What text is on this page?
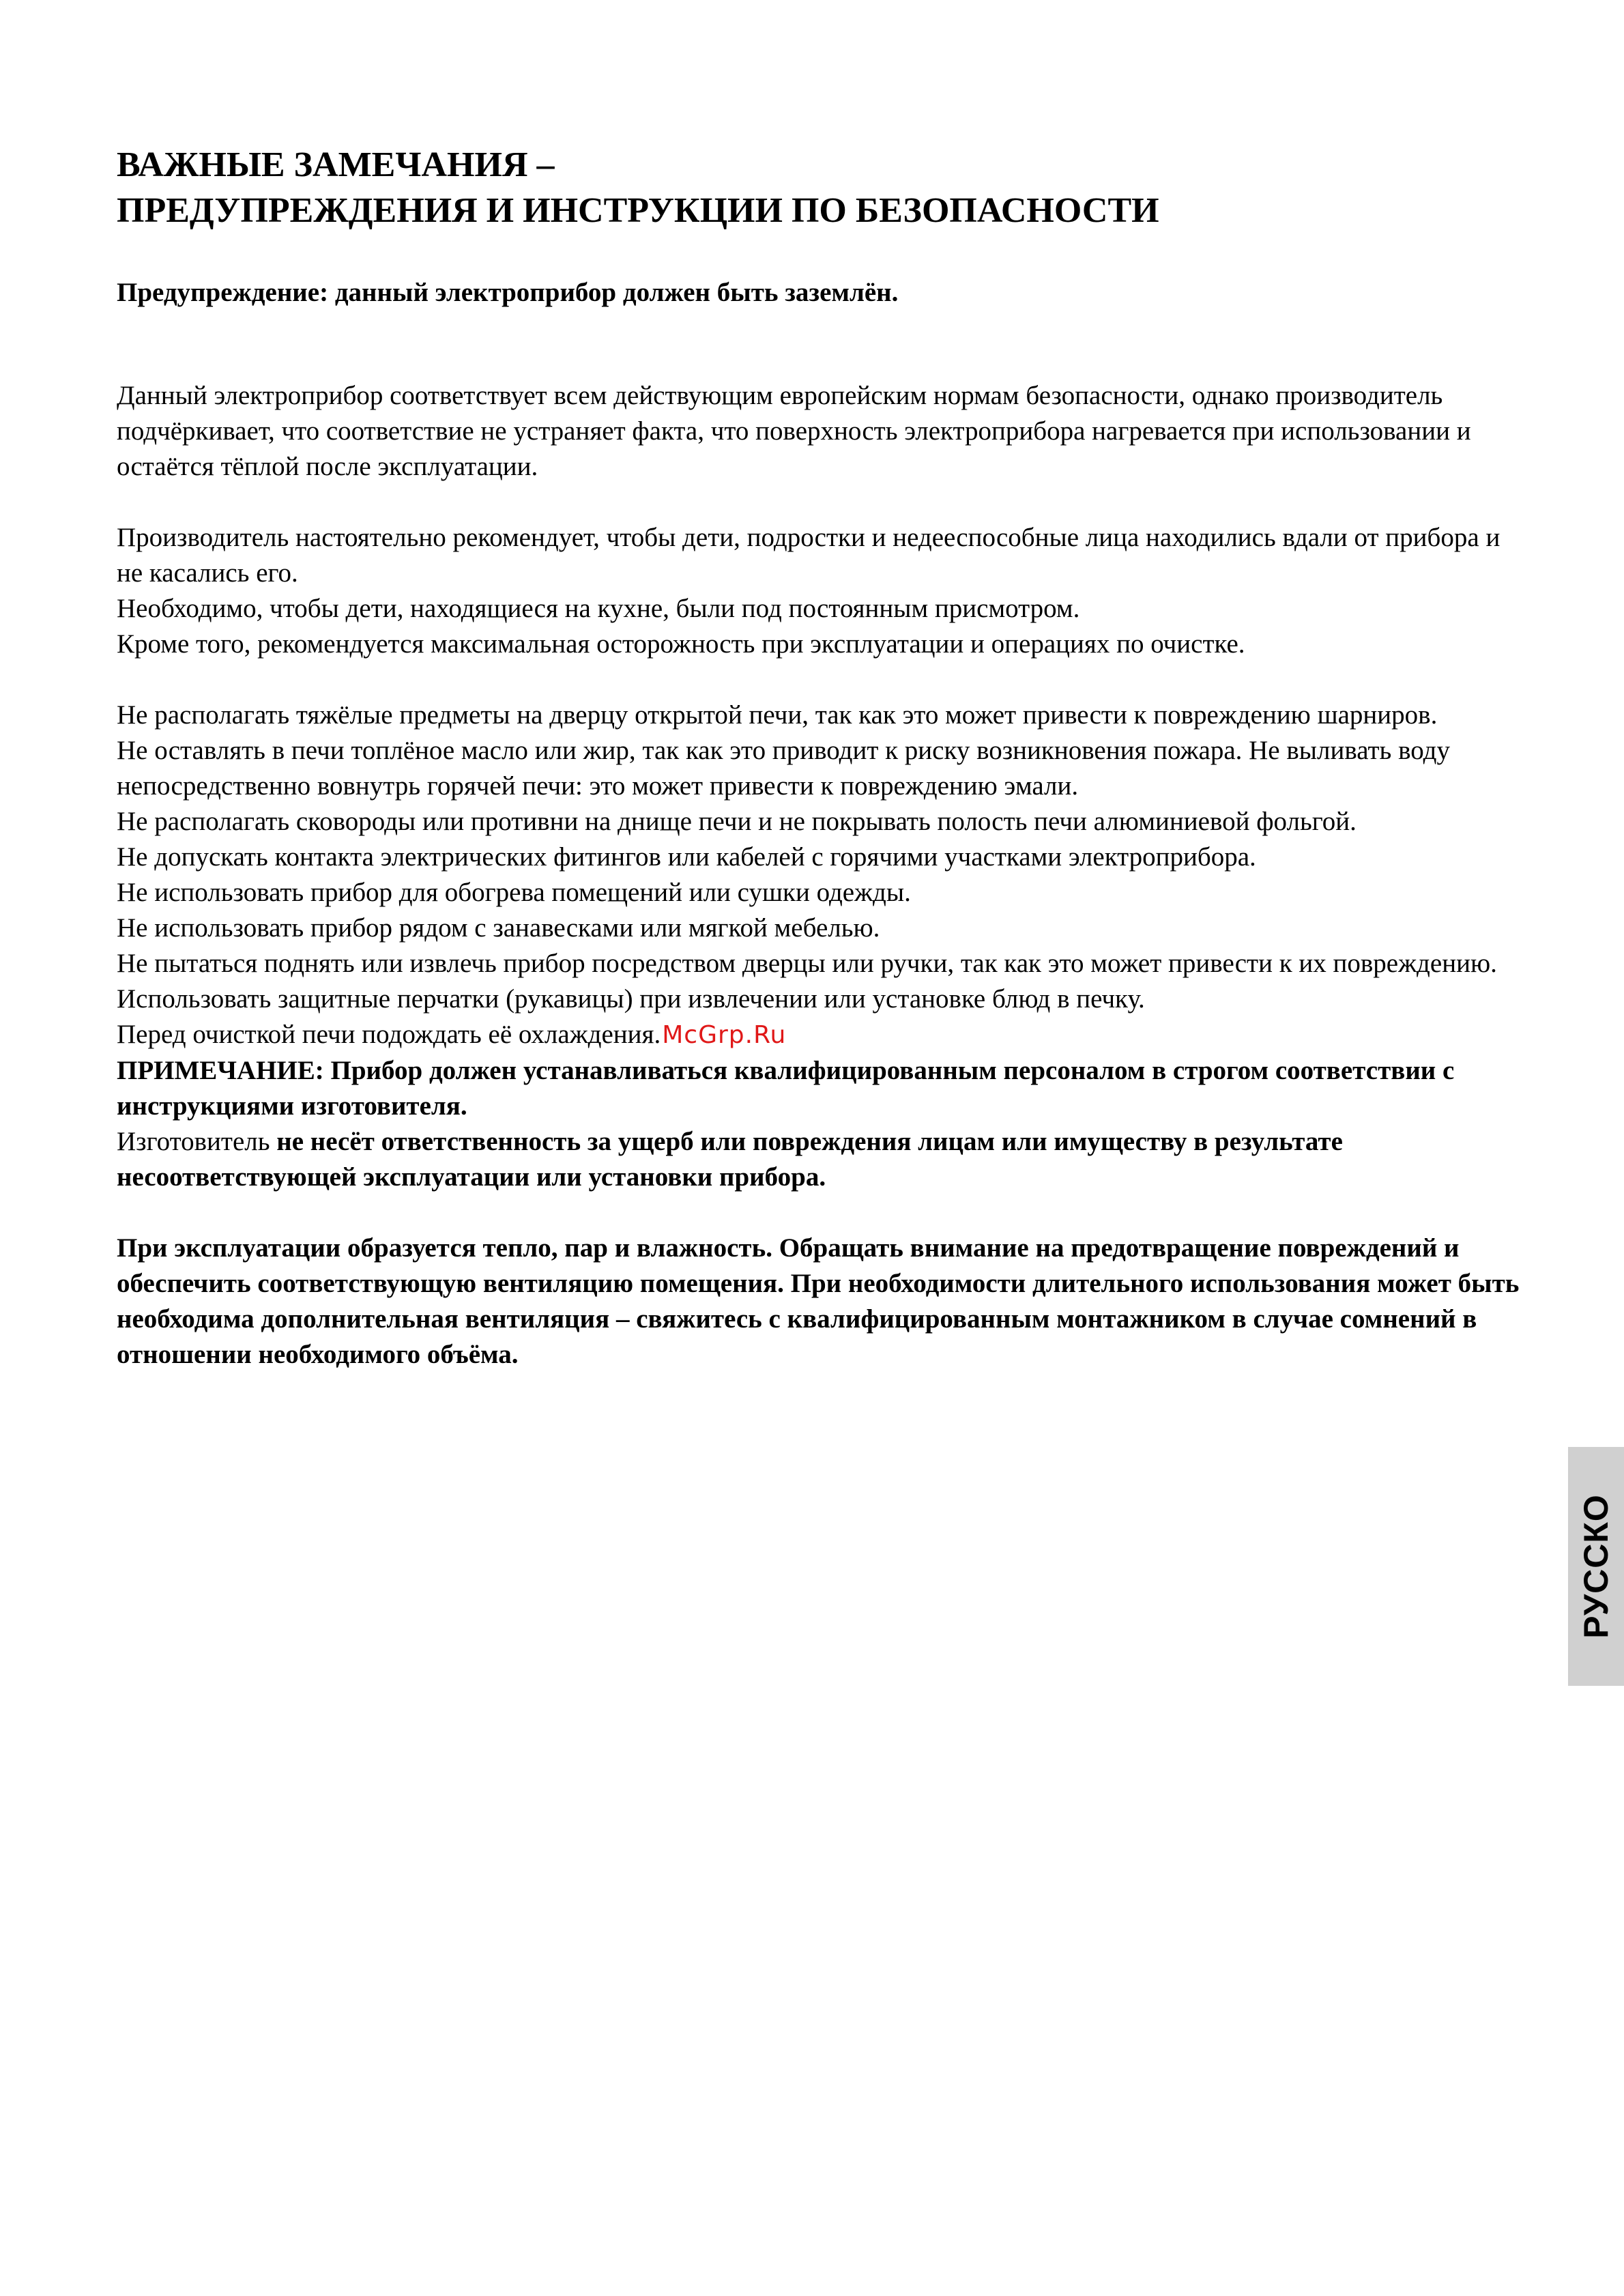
ВАЖНЫЕ ЗАМЕЧАНИЯ –
ПРЕДУПРЕЖДЕНИЯ И ИНСТРУКЦИИ ПО БЕЗОПАСНОСТИ

Предупреждение: данный электроприбор должен быть заземлён.

Данный электроприбор соответствует всем действующим европейским нормам безопасности, однако производитель подчёркивает, что соответствие не устраняет факта, что поверхность электроприбора нагревается при использовании и остаётся тёплой после эксплуатации.

Производитель настоятельно рекомендует, чтобы дети, подростки и недееспособные лица находились вдали от прибора и не касались его.

Необходимо, чтобы дети, находящиеся на кухне, были под постоянным присмотром.

Кроме того, рекомендуется максимальная осторожность при эксплуатации и операциях по очистке.

Не располагать тяжёлые предметы на дверцу открытой печи, так как это может привести к повреждению шарниров.

Не оставлять в печи топлёное масло или жир, так как это приводит к риску возникновения пожара. Не выливать воду непосредственно вовнутрь горячей печи: это может привести к повреждению эмали.

Не располагать сковороды или противни на днище печи и не покрывать полость печи алюминиевой фольгой.

Не допускать контакта электрических фитингов или кабелей с горячими участками электроприбора.

Не использовать прибор для обогрева помещений или сушки одежды.

Не использовать прибор рядом с занавесками или мягкой мебелью.

Не пытаться поднять или извлечь прибор посредством дверцы или ручки, так как это может привести к их повреждению.

Использовать защитные перчатки (рукавицы) при извлечении или установке блюд в печку.

Перед очисткой печи подождать её охлаждения.McGrp.Ru

ПРИМЕЧАНИЕ: Прибор должен устанавливаться квалифицированным персоналом в строгом соответствии с инструкциями изготовителя.

Изготовитель не несёт ответственность за ущерб или повреждения лицам или имуществу в результате несоответствующей эксплуатации или установки прибора.

При эксплуатации образуется тепло, пар и влажность. Обращать внимание на предотвращение повреждений и обеспечить соответствующую вентиляцию помещения. При необходимости длительного использования может быть необходима дополнительная вентиляция – свяжитесь с квалифицированным монтажником в случае сомнений в отношении необходимого объёма.

РУССКО
